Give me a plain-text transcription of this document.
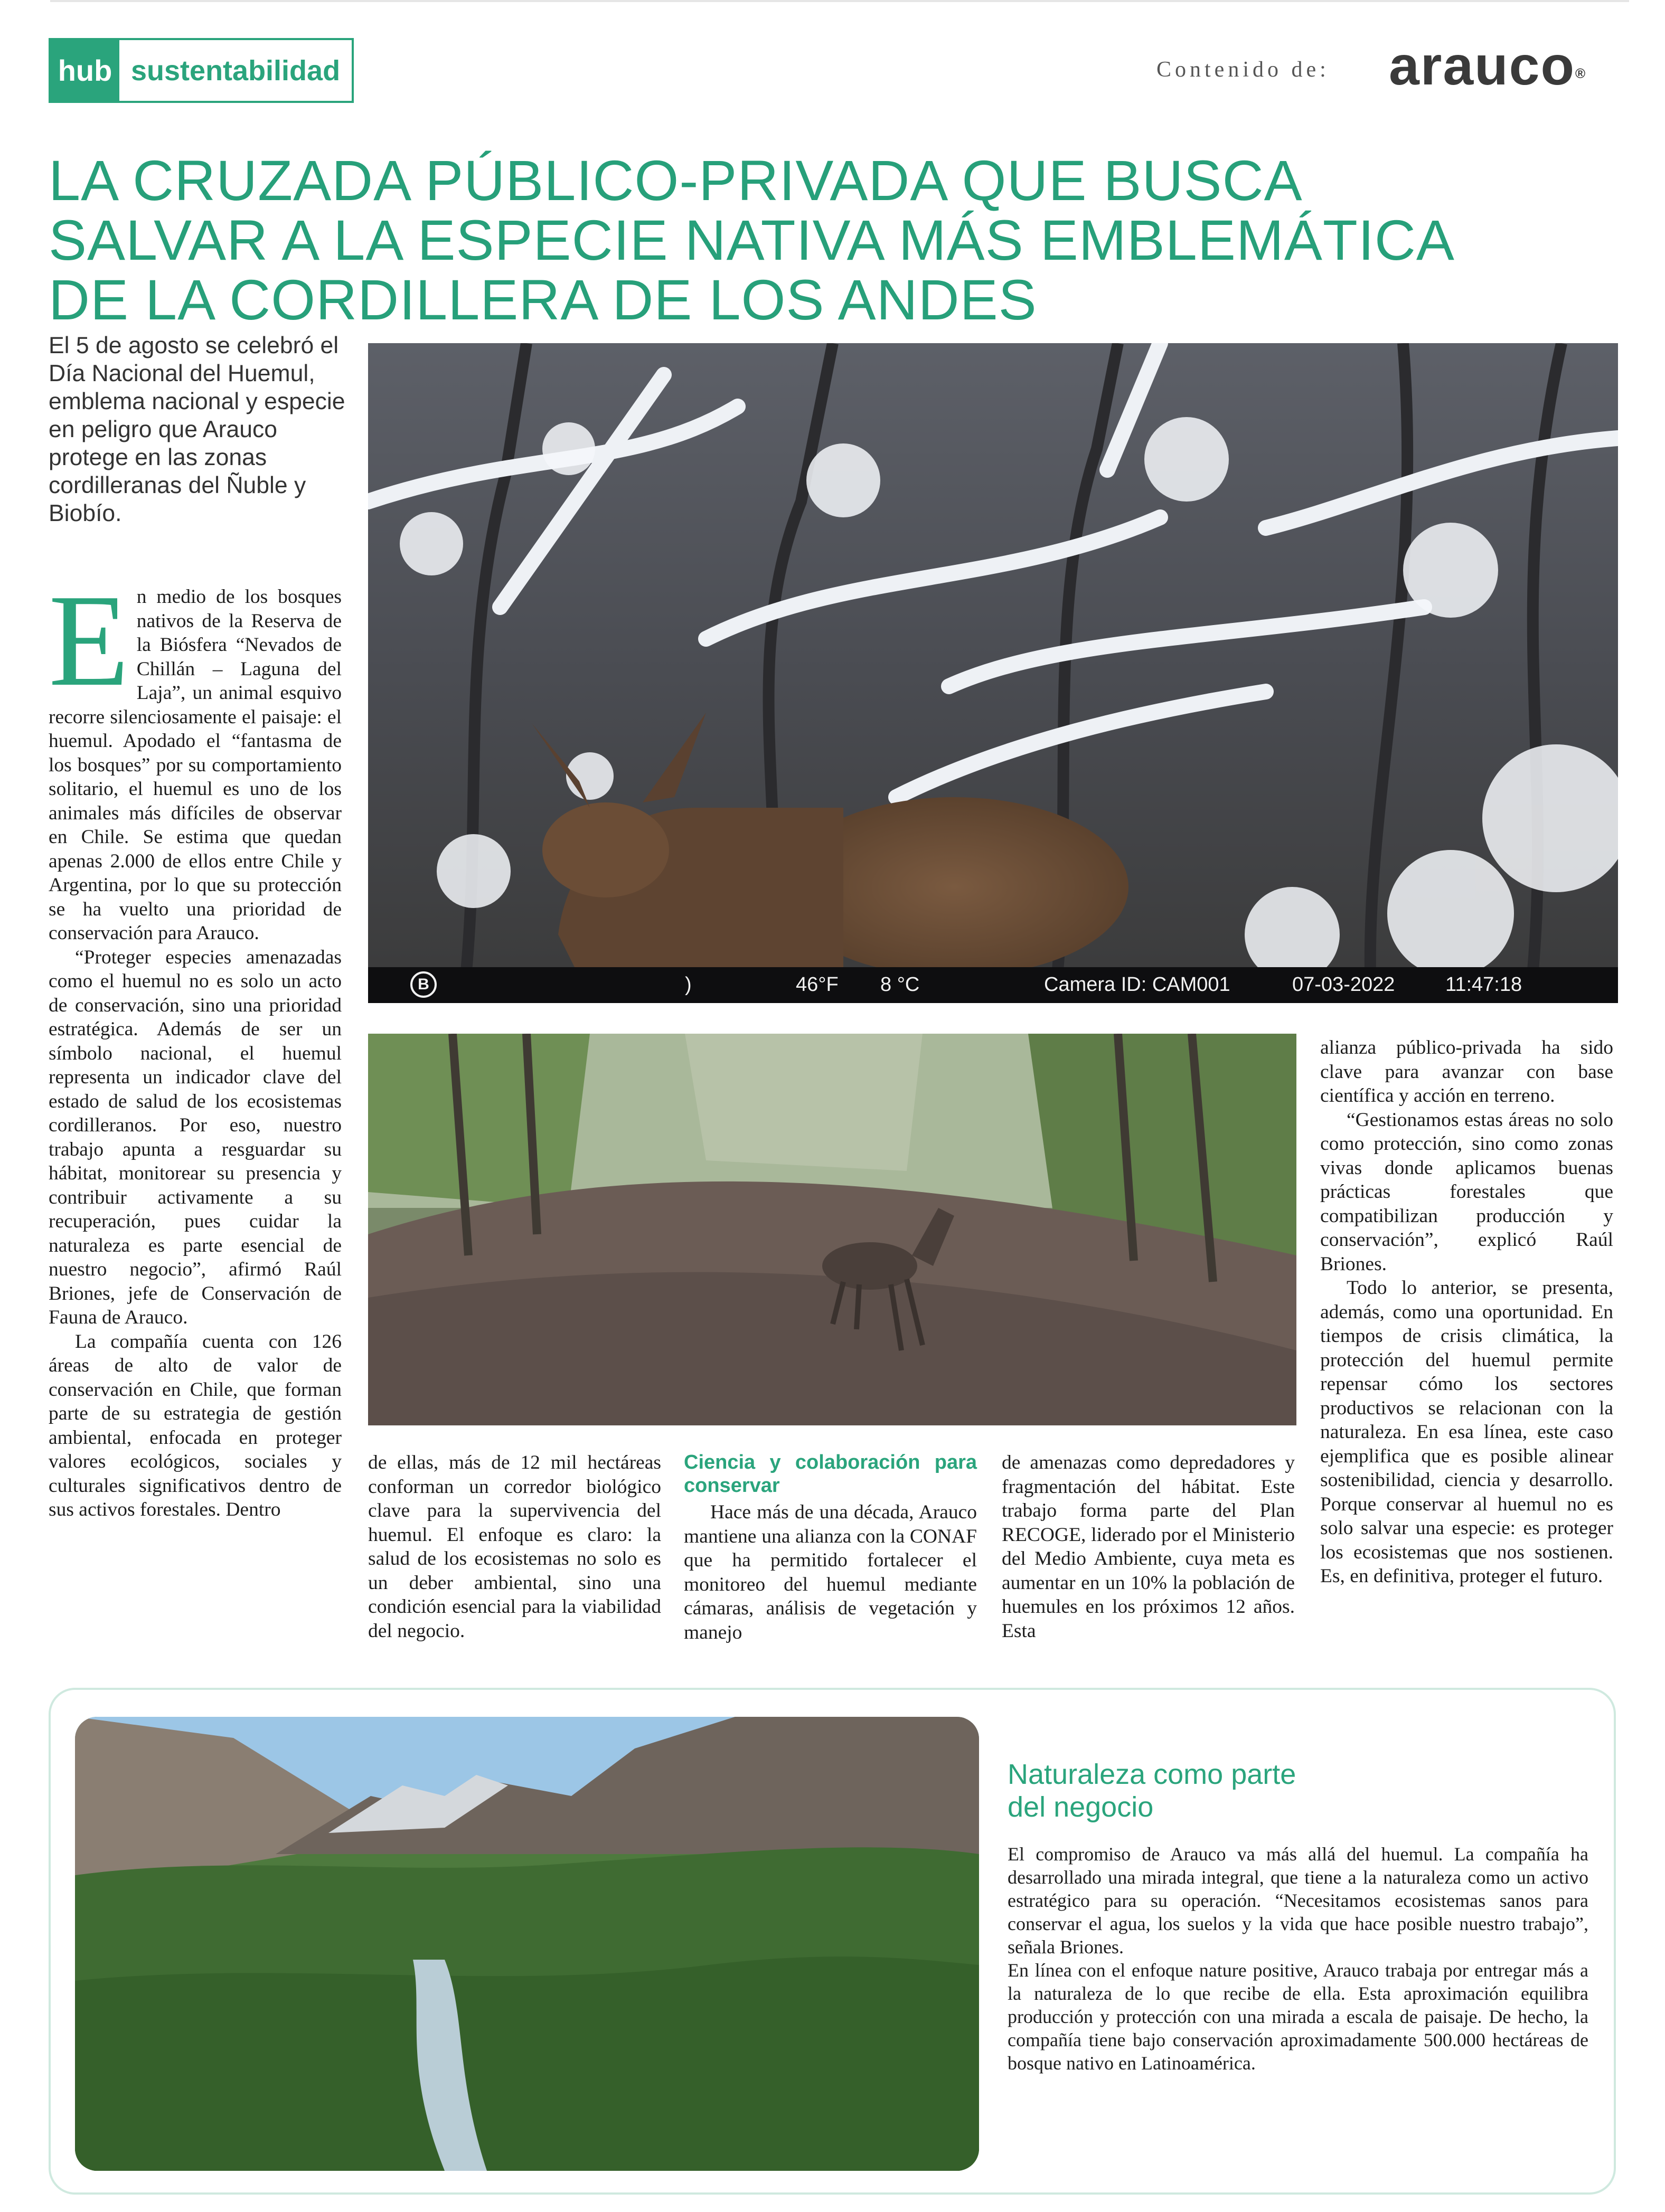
hub sustentabilidad	Contenido de: arauco®
LA CRUZADA PÚBLICO-PRIVADA QUE BUSCA
SALVAR A LA ESPECIE NATIVA MÁS EMBLEMÁTICA
DE LA CORDILLERA DE LOS ANDES
El 5 de agosto se celebró el Día Nacional del Huemul, emblema nacional y especie en peligro que Arauco protege en las zonas cordilleranas del Ñuble y Biobío.

En medio de los bosques nativos de la Reserva de la Biósfera “Nevados de Chillán – Laguna del Laja”, un animal esquivo recorre silenciosamente el paisaje: el huemul. Apodado el “fantasma de los bosques” por su comportamiento solitario, el huemul es uno de los animales más difíciles de observar en Chile. Se estima que quedan apenas 2.000 de ellos entre Chile y Argentina, por lo que su protección se ha vuelto una prioridad de conservación para Arauco.

“Proteger especies amenazadas como el huemul no es solo un acto de conservación, sino una prioridad estratégica. Además de ser un símbolo nacional, el huemul representa un indicador clave del estado de salud de los ecosistemas cordilleranos. Por eso, nuestro trabajo apunta a resguardar su hábitat, monitorear su presencia y contribuir activamente a su recuperación, pues cuidar la naturaleza es parte esencial de nuestro negocio”, afirmó Raúl Briones, jefe de Conservación de Fauna de Arauco.

La compañía cuenta con 126 áreas de alto de valor de conservación en Chile, que forman parte de su estrategia de gestión ambiental, enfocada en proteger valores ecológicos, sociales y culturales significativos dentro de sus activos forestales. Dentro

B	)	46°F 8 °C	Camera ID: CAM001	07-03-2022	11:47:18

de ellas, más de 12 mil hectáreas conforman un corredor biológico clave para la supervivencia del huemul. El enfoque es claro: la salud de los ecosistemas no solo es un deber ambiental, sino una condición esencial para la viabilidad del negocio.

Ciencia y colaboración para conservar

Hace más de una década, Arauco mantiene una alianza con la CONAF que ha permitido fortalecer el monitoreo del huemul mediante cámaras, análisis de vegetación y manejo

de amenazas como depredadores y fragmentación del hábitat. Este trabajo forma parte del Plan RECOGE, liderado por el Ministerio del Medio Ambiente, cuya meta es aumentar en un 10% la población de huemules en los próximos 12 años. Esta

alianza público-privada ha sido clave para avanzar con base científica y acción en terreno.

“Gestionamos estas áreas no solo como protección, sino como zonas vivas donde aplicamos buenas prácticas forestales que compatibilizan producción y conservación”, explicó Raúl Briones.

Todo lo anterior, se presenta, además, como una oportunidad. En tiempos de crisis climática, la protección del huemul permite repensar cómo los sectores productivos se relacionan con la naturaleza. En esa línea, este caso ejemplifica que es posible alinear sostenibilidad, ciencia y desarrollo. Porque conservar al huemul no es solo salvar una especie: es proteger los ecosistemas que nos sostienen. Es, en definitiva, proteger el futuro.

Naturaleza como parte
del negocio

El compromiso de Arauco va más allá del huemul. La compañía ha desarrollado una mirada integral, que tiene a la naturaleza como un activo estratégico para su operación. “Necesitamos ecosistemas sanos para conservar el agua, los suelos y la vida que hace posible nuestro trabajo”, señala Briones.

En línea con el enfoque nature positive, Arauco trabaja por entregar más a la naturaleza de lo que recibe de ella. Esta aproximación equilibra producción y protección con una mirada a escala de paisaje. De hecho, la compañía tiene bajo conservación aproximadamente 500.000 hectáreas de bosque nativo en Latinoamérica.
